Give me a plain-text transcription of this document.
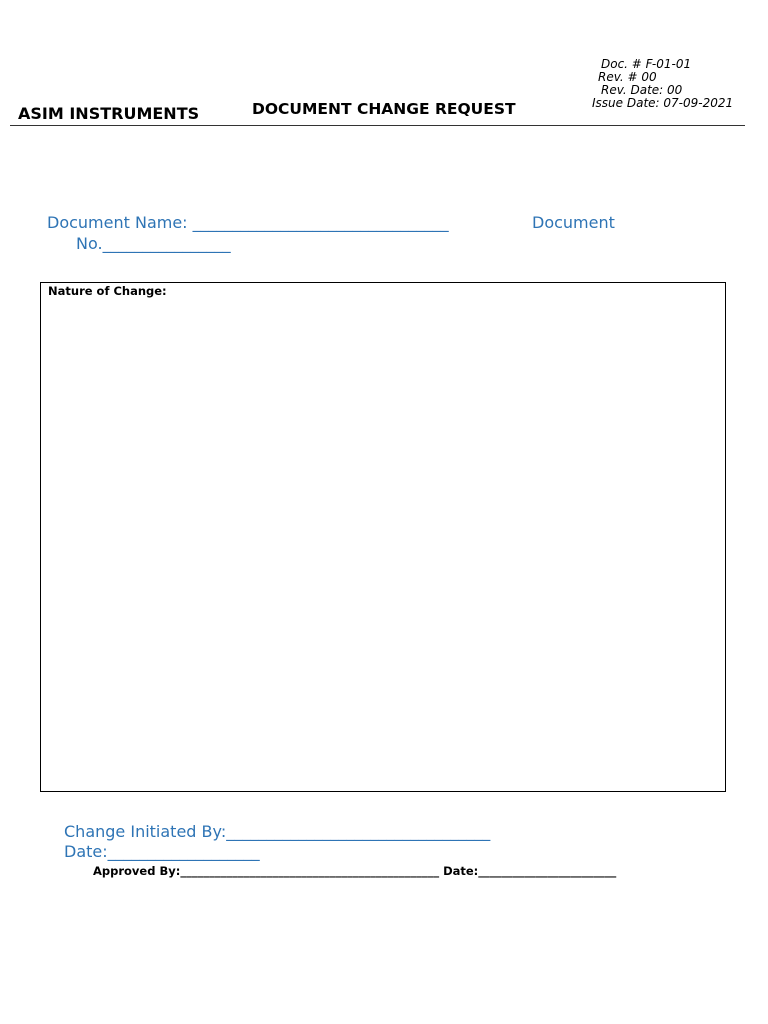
Doc. # F-01-01
Rev. # 00
Rev. Date: 00
Issue Date: 07-09-2021
ASIM INSTRUMENTS	DOCUMENT CHANGE REQUEST
Document Name: ________________________________	Document
No.________________
Nature of Change:
Change Initiated By:_________________________________
Date:___________________
Approved By:_____________________________________________ Date:________________________
